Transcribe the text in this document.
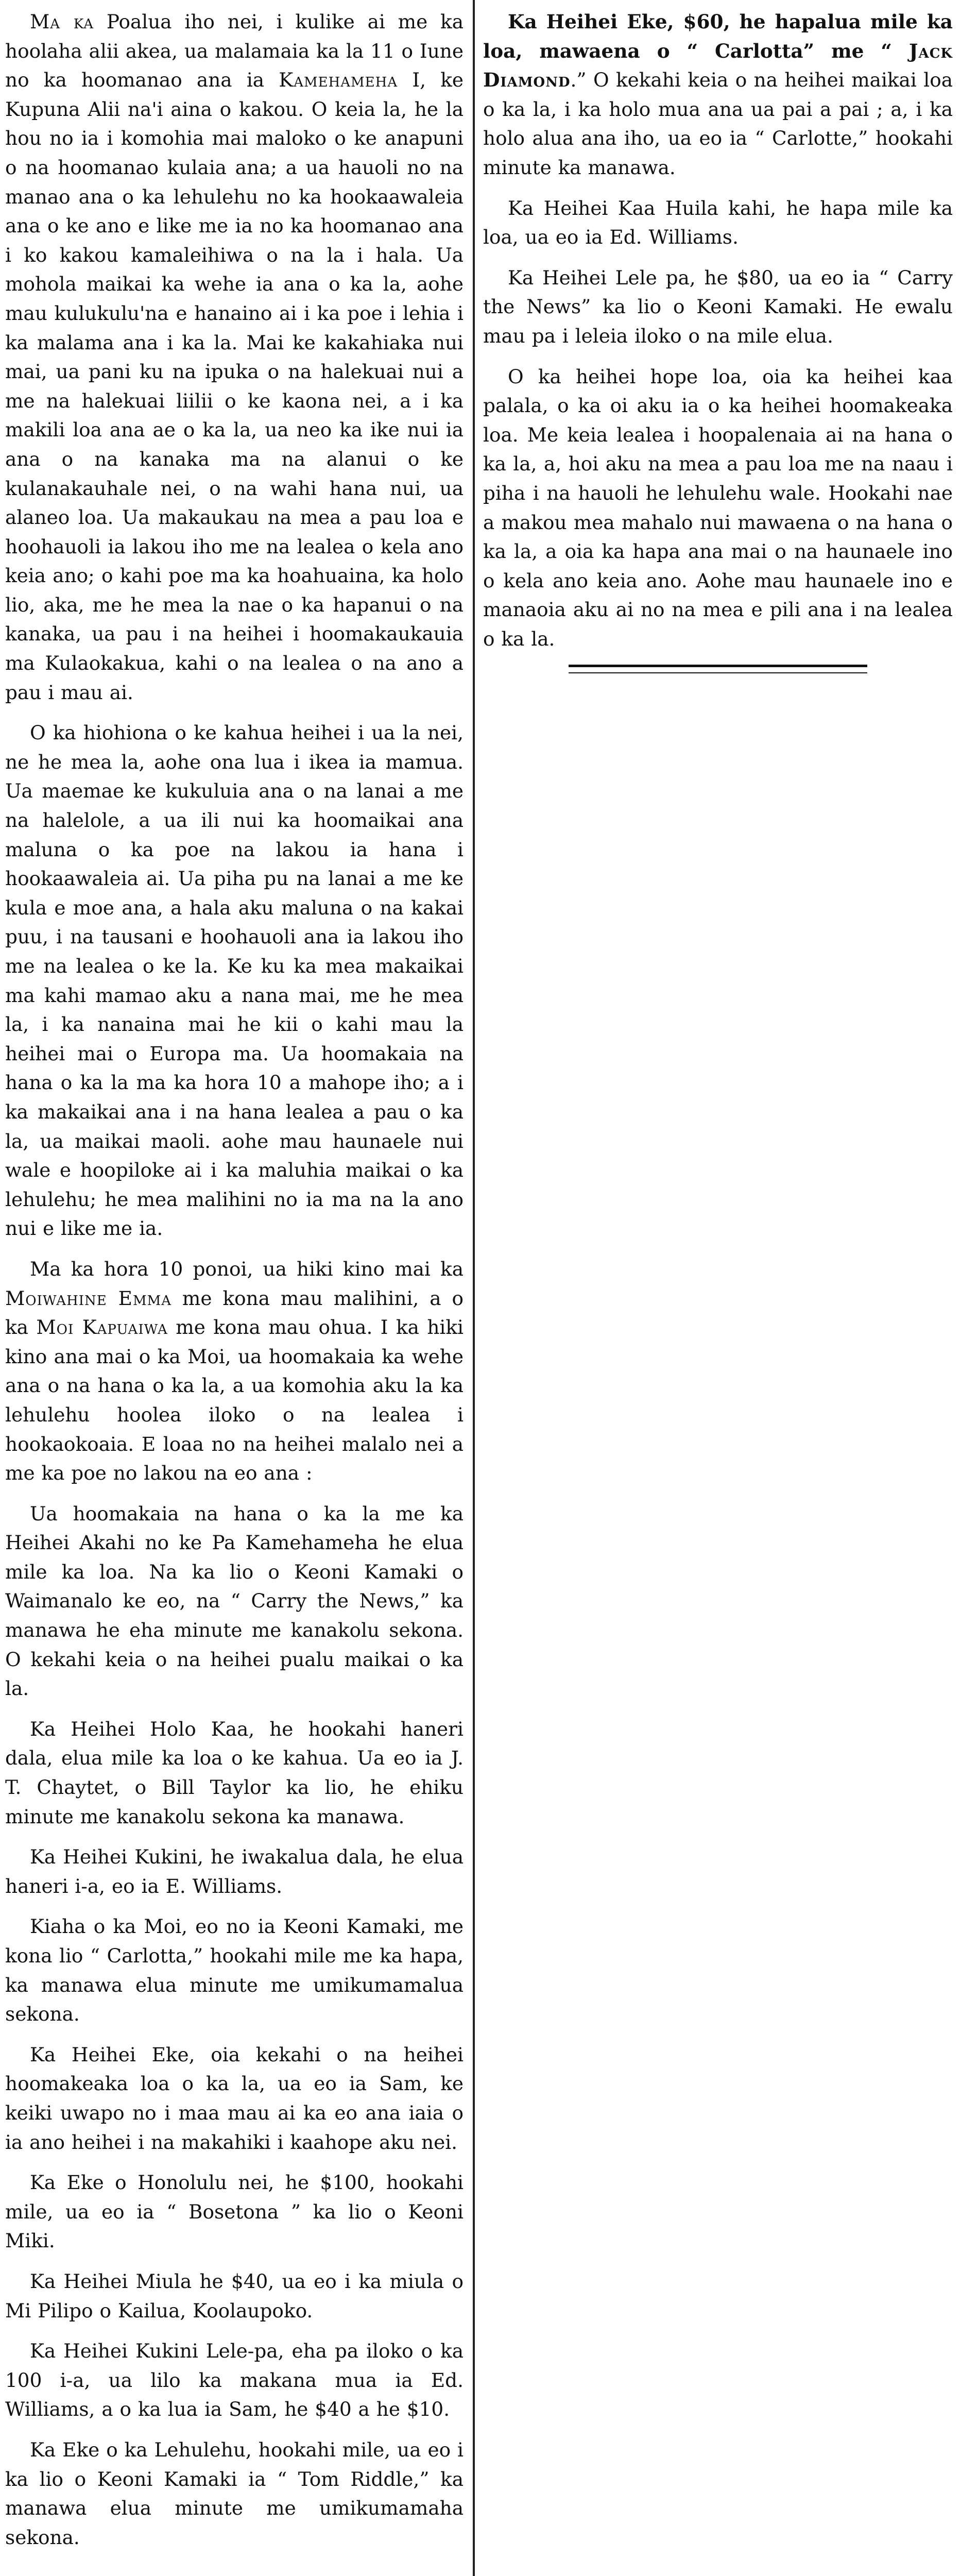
Ma ka Poalua iho nei, i kulike ai me ka hoolaha alii akea, ua malamaia ka la 11 o Iune no ka hoomanao ana ia Kamehameha I, ke Kupuna Alii na'i aina o kakou. O keia la, he la hou no ia i komohia mai maloko o ke anapuni o na hoomanao kulaia ana; a ua hauoli no na manao ana o ka lehulehu no ka hookaawaleia ana o ke ano e like me ia no ka hoomanao ana i ko kakou kamaleihiwa o na la i hala. Ua mohola maikai ka wehe ia ana o ka la, aohe mau kulukulu'na e hanaino ai i ka poe i lehia i ka malama ana i ka la. Mai ke kakahiaka nui mai, ua pani ku na ipuka o na halekuai nui a me na halekuai liilii o ke kaona nei, a i ka makili loa ana ae o ka la, ua neo ka ike nui ia ana o na kanaka ma na alanui o ke kulanakauhale nei, o na wahi hana nui, ua alaneo loa. Ua makaukau na mea a pau loa e hoohauoli ia lakou iho me na lealea o kela ano keia ano; o kahi poe ma ka hoahuaina, ka holo lio, aka, me he mea la nae o ka hapanui o na kanaka, ua pau i na heihei i hoomakaukauia ma Kulaokakua, kahi o na lealea o na ano a pau i mau ai.

O ka hiohiona o ke kahua heihei i ua la nei, ne he mea la, aohe ona lua i ikea ia mamua. Ua maemae ke kukuluia ana o na lanai a me na halelole, a ua ili nui ka hoomaikai ana maluna o ka poe na lakou ia hana i hookaawaleia ai. Ua piha pu na lanai a me ke kula e moe ana, a hala aku maluna o na kakai puu, i na tausani e hoohauoli ana ia lakou iho me na lealea o ke la. Ke ku ka mea makaikai ma kahi mamao aku a nana mai, me he mea la, i ka nanaina mai he kii o kahi mau la heihei mai o Europa ma. Ua hoomakaia na hana o ka la ma ka hora 10 a mahope iho; a i ka makaikai ana i na hana lealea a pau o ka la, ua maikai maoli. aohe mau haunaele nui wale e hoopiloke ai i ka maluhia maikai o ka lehulehu; he mea malihini no ia ma na la ano nui e like me ia.

Ma ka hora 10 ponoi, ua hiki kino mai ka Moiwahine Emma me kona mau malihini, a o ka Moi Kapuaiwa me kona mau ohua. I ka hiki kino ana mai o ka Moi, ua hoomakaia ka wehe ana o na hana o ka la, a ua komohia aku la ka lehulehu hoolea iloko o na lealea i hookaokoaia. E loaa no na heihei malalo nei a me ka poe no lakou na eo ana :

Ua hoomakaia na hana o ka la me ka Heihei Akahi no ke Pa Kamehameha he elua mile ka loa. Na ka lio o Keoni Kamaki o Waimanalo ke eo, na “ Carry the News,” ka manawa he eha minute me kanakolu sekona. O kekahi keia o na heihei pualu maikai o ka la.

Ka Heihei Holo Kaa, he hookahi haneri dala, elua mile ka loa o ke kahua. Ua eo ia J. T. Chaytet, o Bill Taylor ka lio, he ehiku minute me kanakolu sekona ka manawa.

Ka Heihei Kukini, he iwakalua dala, he elua haneri i-a, eo ia E. Williams.

Kiaha o ka Moi, eo no ia Keoni Kamaki, me kona lio “ Carlotta,” hookahi mile me ka hapa, ka manawa elua minute me umikumamalua sekona.

Ka Heihei Eke, oia kekahi o na heihei hoomakeaka loa o ka la, ua eo ia Sam, ke keiki uwapo no i maa mau ai ka eo ana iaia o ia ano heihei i na makahiki i kaahope aku nei.

Ka Eke o Honolulu nei, he $100, hookahi mile, ua eo ia “ Bosetona ” ka lio o Keoni Miki.

Ka Heihei Miula he $40, ua eo i ka miula o Mi Pilipo o Kailua, Koolaupoko.

Ka Heihei Kukini Lele-pa, eha pa iloko o ka 100 i-a, ua lilo ka makana mua ia Ed. Williams, a o ka lua ia Sam, he $40 a he $10.

Ka Eke o ka Lehulehu, hookahi mile, ua eo i ka lio o Keoni Kamaki ia “ Tom Riddle,” ka manawa elua minute me umikumamaha sekona.

Ka Heihei Eke, $60, he hapalua mile ka loa, mawaena o “ Carlotta” me “ Jack Diamond.” O kekahi keia o na heihei maikai loa o ka la, i ka holo mua ana ua pai a pai ; a, i ka holo alua ana iho, ua eo ia “ Carlotte,” hookahi minute ka manawa.

Ka Heihei Kaa Huila kahi, he hapa mile ka loa, ua eo ia Ed. Williams.

Ka Heihei Lele pa, he $80, ua eo ia “ Carry the News” ka lio o Keoni Kamaki. He ewalu mau pa i leleia iloko o na mile elua.

O ka heihei hope loa, oia ka heihei kaa palala, o ka oi aku ia o ka heihei hoomakeaka loa. Me keia lealea i hoopalenaia ai na hana o ka la, a, hoi aku na mea a pau loa me na naau i piha i na hauoli he lehulehu wale. Hookahi nae a makou mea mahalo nui mawaena o na hana o ka la, a oia ka hapa ana mai o na haunaele ino o kela ano keia ano. Aohe mau haunaele ino e manaoia aku ai no na mea e pili ana i na lealea o ka la.
